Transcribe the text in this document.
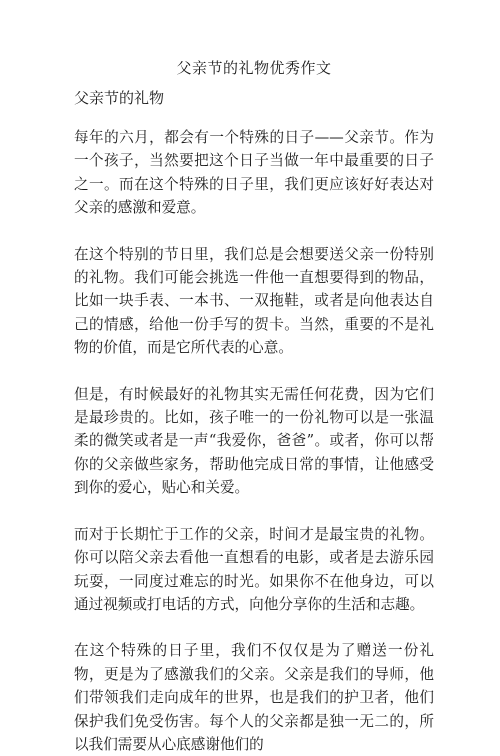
父亲节的礼物优秀作文
父亲节的礼物

每年的六月，都会有一个特殊的日子——父亲节。作为一个孩子，当然要把这个日子当做一年中最重要的日子之一。而在这个特殊的日子里，我们更应该好好表达对父亲的感激和爱意。

在这个特别的节日里，我们总是会想要送父亲一份特别的礼物。我们可能会挑选一件他一直想要得到的物品，比如一块手表、一本书、一双拖鞋，或者是向他表达自己的情感，给他一份手写的贺卡。当然，重要的不是礼物的价值，而是它所代表的心意。

但是，有时候最好的礼物其实无需任何花费，因为它们是最珍贵的。比如，孩子唯一的一份礼物可以是一张温柔的微笑或者是一声“我爱你，爸爸”。或者，你可以帮你的父亲做些家务，帮助他完成日常的事情，让他感受到你的爱心，贴心和关爱。

而对于长期忙于工作的父亲，时间才是最宝贵的礼物。你可以陪父亲去看他一直想看的电影，或者是去游乐园玩耍，一同度过难忘的时光。如果你不在他身边，可以通过视频或打电话的方式，向他分享你的生活和志趣。

在这个特殊的日子里，我们不仅仅是为了赠送一份礼物，更是为了感激我们的父亲。父亲是我们的导师，他们带领我们走向成年的世界，也是我们的护卫者，他们保护我们免受伤害。每个人的父亲都是独一无二的，所以我们需要从心底感谢他们的
